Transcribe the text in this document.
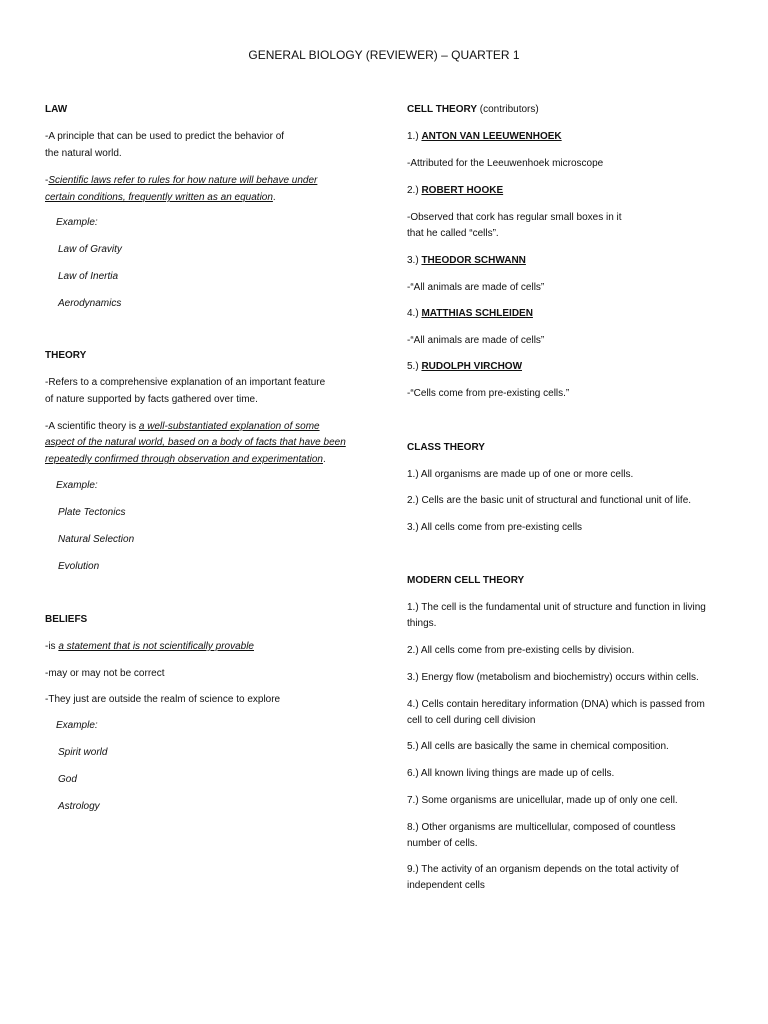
GENERAL BIOLOGY (REVIEWER) – QUARTER 1
LAW
-A principle that can be used to predict the behavior of
the natural world.
-Scientific laws refer to rules for how nature will behave under
certain conditions, frequently written as an equation.
Example:
Law of Gravity
Law of Inertia
Aerodynamics
THEORY
-Refers to a comprehensive explanation of an important feature
of nature supported by facts gathered over time.
-A scientific theory is a well-substantiated explanation of some
aspect of the natural world, based on a body of facts that have been
repeatedly confirmed through observation and experimentation.
Example:
Plate Tectonics
Natural Selection
Evolution
BELIEFS
-is a statement that is not scientifically provable
-may or may not be correct
-They just are outside the realm of science to explore
Example:
Spirit world
God
Astrology
CELL THEORY (contributors)
1.) ANTON VAN LEEUWENHOEK
-Attributed for the Leeuwenhoek microscope
2.) ROBERT HOOKE
-Observed that cork has regular small boxes in it
that he called “cells”.
3.) THEODOR SCHWANN
-“All animals are made of cells”
4.) MATTHIAS SCHLEIDEN
-“All animals are made of cells”
5.) RUDOLPH VIRCHOW
-“Cells come from pre-existing cells.”
CLASS THEORY
1.) All organisms are made up of one or more cells.
2.) Cells are the basic unit of structural and functional unit of life.
3.) All cells come from pre-existing cells
MODERN CELL THEORY
1.) The cell is the fundamental unit of structure and function in living
things.
2.) All cells come from pre-existing cells by division.
3.) Energy flow (metabolism and biochemistry) occurs within cells.
4.) Cells contain hereditary information (DNA) which is passed from
cell to cell during cell division
5.) All cells are basically the same in chemical composition.
6.) All known living things are made up of cells.
7.) Some organisms are unicellular, made up of only one cell.
8.) Other organisms are multicellular, composed of countless
number of cells.
9.) The activity of an organism depends on the total activity of
independent cells
